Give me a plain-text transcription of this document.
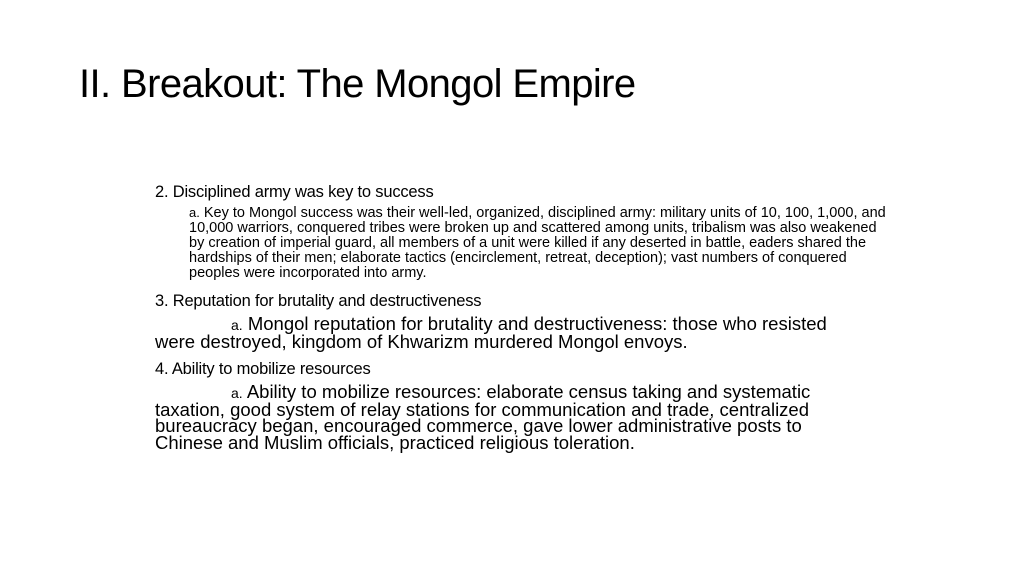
II. Breakout: The Mongol Empire

2. Disciplined army was key to success

a. Key to Mongol success was their well-led, organized, disciplined army: military units of 10, 100, 1,000, and 10,000 warriors, conquered tribes were broken up and scattered among units, tribalism was also weakened by creation of imperial guard, all members of a unit were killed if any deserted in battle, eaders shared the hardships of their men; elaborate tactics (encirclement, retreat, deception); vast numbers of conquered peoples were incorporated into army.

3. Reputation for brutality and destructiveness

a. Mongol reputation for brutality and destructiveness: those who resisted were destroyed, kingdom of Khwarizm murdered Mongol envoys.

4. Ability to mobilize resources

a. Ability to mobilize resources: elaborate census taking and systematic taxation, good system of relay stations for communication and trade, centralized bureaucracy began, encouraged commerce, gave lower administrative posts to Chinese and Muslim officials, practiced religious toleration.
